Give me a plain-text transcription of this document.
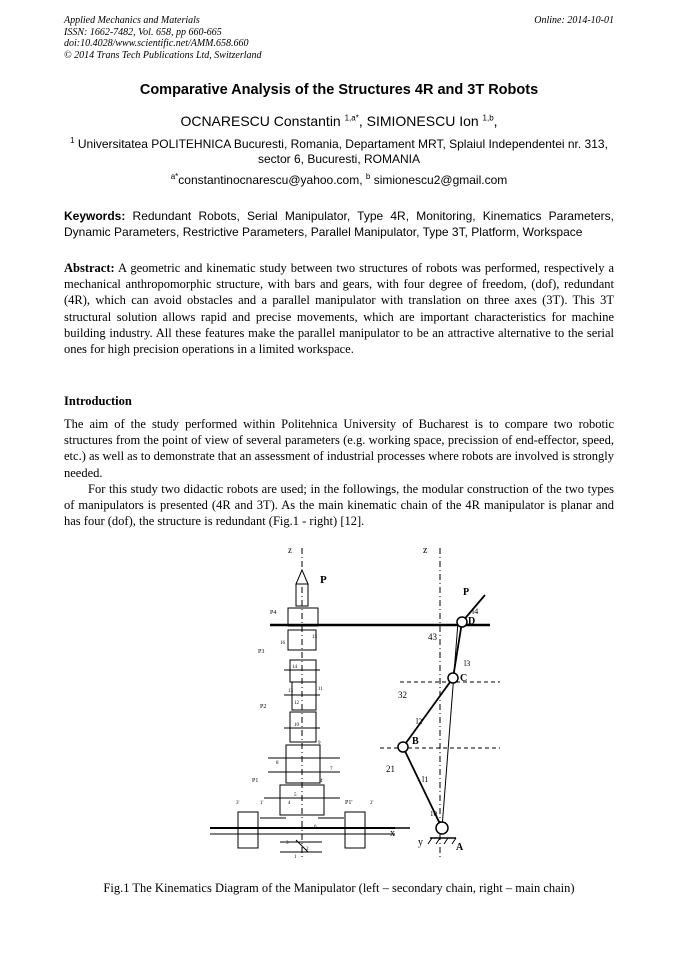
Applied Mechanics and Materials
ISSN: 1662-7482, Vol. 658, pp 660-665
doi:10.4028/www.scientific.net/AMM.658.660
© 2014 Trans Tech Publications Ltd, Switzerland
Online: 2014-10-01
Comparative Analysis of the Structures 4R and 3T Robots
OCNARESCU Constantin $^{1,a*}$, SIMIONESCU Ion $^{1,b}$,
$^1$ Universitatea POLITEHNICA Bucuresti, Romania, Departament MRT, Splaiul Independentei nr. 313, sector 6, Bucuresti, ROMANIA
$^{a*}$constantinocnarescu@yahoo.com, $^b$ simionescu2@gmail.com
Keywords: Redundant Robots, Serial Manipulator, Type 4R, Monitoring, Kinematics Parameters, Dynamic Parameters, Restrictive Parameters, Parallel Manipulator, Type 3T, Platform, Workspace
Abstract: A geometric and kinematic study between two structures of robots was performed, respectively a mechanical anthropomorphic structure, with bars and gears, with four degree of freedom, (dof), redundant (4R), which can avoid obstacles and a parallel manipulator with translation on three axes (3T). This 3T structural solution allows rapid and precise movements, which are important characteristics for machine building industry. All these features make the parallel manipulator to be an attractive alternative to the serial ones for high precision operations in a limited workspace.
Introduction
The aim of the study performed within Politehnica University of Bucharest is to compare two robotic structures from the point of view of several parameters (e.g. working space, precission of end-effector, speed, etc.) as well as to demonstrate that an assessment of industrial processes where robots are involved is strongly needed.
For this study two didactic robots are used; in the followings, the modular construction of the two types of manipulators is presented (4R and 3T). As the main kinematic chain of the 4R manipulator is planar and has four (dof), the structure is redundant (Fig.1 - right) [12].
z
P
x
P4
P3
P2
P1
P1'
16
15
14
13
12
11
10
9
8
7
6
5
4
4'
3
3'
2
2'
1
1'
z
P
D
C
B
A
y
l4
l3
l2
l1
43
32
21
10
Fig.1 The Kinematics Diagram of the Manipulator (left – secondary chain, right – main chain)
